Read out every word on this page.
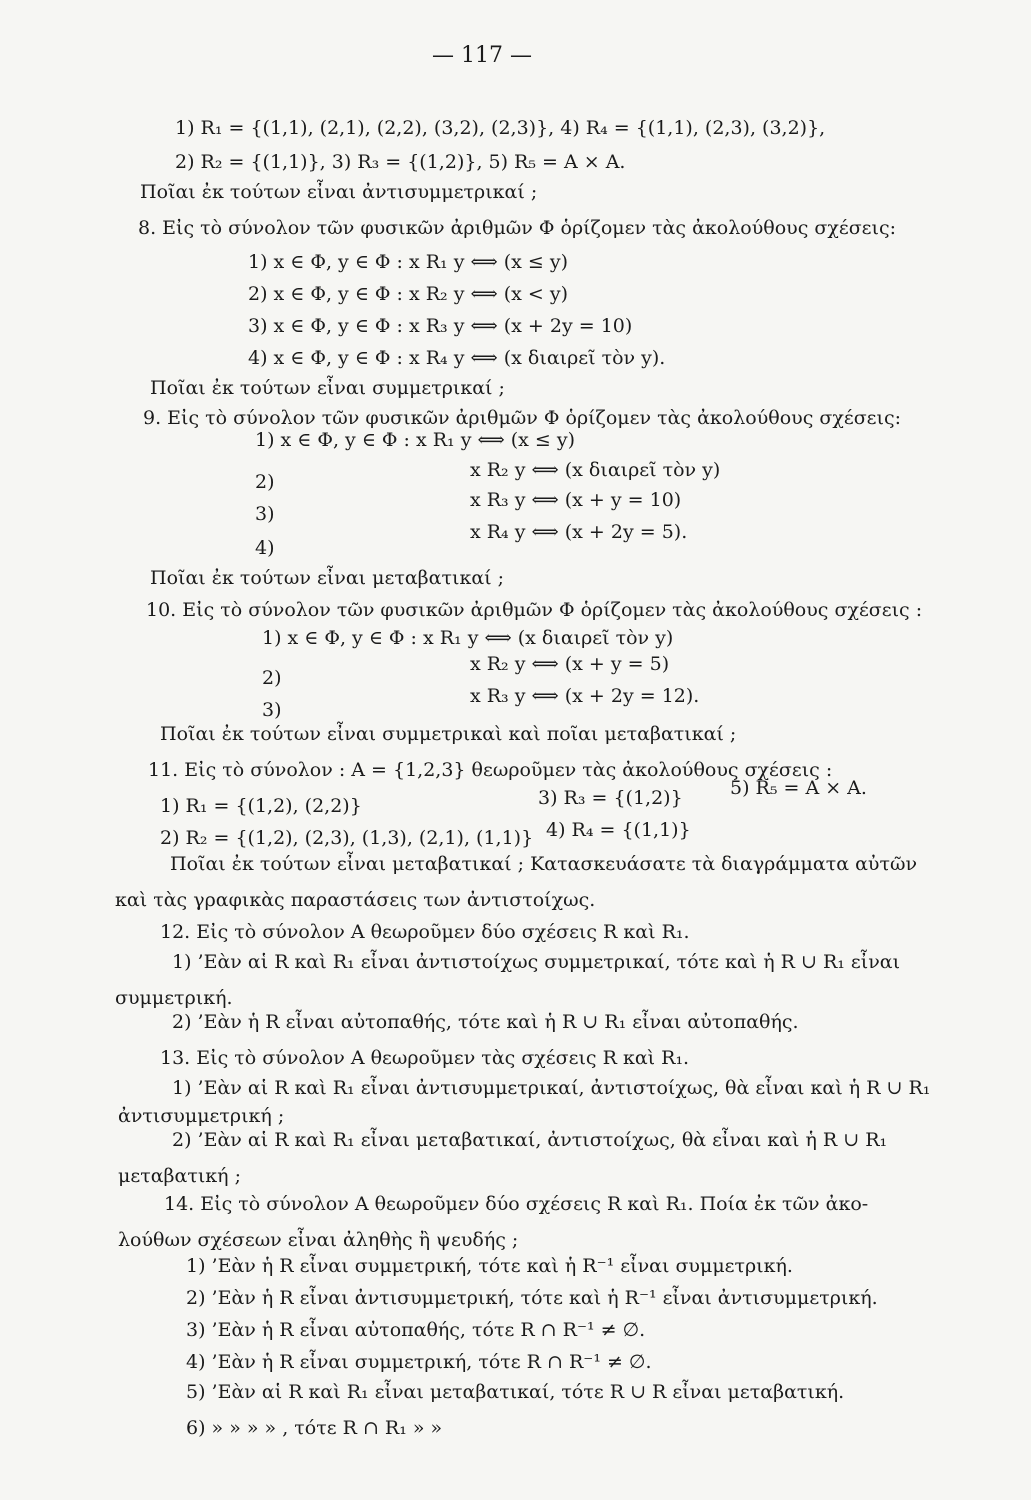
— 117 —
1) R₁ = {(1,1), (2,1), (2,2), (3,2), (2,3)}, 4) R₄ = {(1,1), (2,3), (3,2)},
2) R₂ = {(1,1)}, 3) R₃ = {(1,2)}, 5) R₅ = A × A.
Ποῖαι ἐκ τούτων εἶναι ἀντισυμμετρικαί ;
8. Εἰς τὸ σύνολον τῶν φυσικῶν ἀριθμῶν Φ ὁρίζομεν τὰς ἀκολούθους σχέσεις:
1) x ∈ Φ, y ∈ Φ : x R₁ y ⟺ (x ≤ y)
2) x ∈ Φ, y ∈ Φ : x R₂ y ⟺ (x < y)
3) x ∈ Φ, y ∈ Φ : x R₃ y ⟺ (x + 2y = 10)
4) x ∈ Φ, y ∈ Φ : x R₄ y ⟺ (x διαιρεῖ τὸν y).
Ποῖαι ἐκ τούτων εἶναι συμμετρικαί ;
9. Εἰς τὸ σύνολον τῶν φυσικῶν ἀριθμῶν Φ ὁρίζομεν τὰς ἀκολούθους σχέσεις:
1) x ∈ Φ, y ∈ Φ : x R₁ y ⟺ (x ≤ y)
2)
x R₂ y ⟺ (x διαιρεῖ τὸν y)
3)
x R₃ y ⟺ (x + y = 10)
4)
x R₄ y ⟺ (x + 2y = 5).
Ποῖαι ἐκ τούτων εἶναι μεταβατικαί ;
10. Εἰς τὸ σύνολον τῶν φυσικῶν ἀριθμῶν Φ ὁρίζομεν τὰς ἀκολούθους σχέσεις :
1) x ∈ Φ, y ∈ Φ : x R₁ y ⟺ (x διαιρεῖ τὸν y)
2)
x R₂ y ⟺ (x + y = 5)
3)
x R₃ y ⟺ (x + 2y = 12).
Ποῖαι ἐκ τούτων εἶναι συμμετρικαὶ καὶ ποῖαι μεταβατικαί ;
11. Εἰς τὸ σύνολον : A = {1,2,3} θεωροῦμεν τὰς ἀκολούθους σχέσεις :
1) R₁ = {(1,2), (2,2)}	3) R₃ = {(1,2)} 5) R₅ = A × A.
2) R₂ = {(1,2), (2,3), (1,3), (2,1), (1,1)} 4) R₄ = {(1,1)}
Ποῖαι ἐκ τούτων εἶναι μεταβατικαί ; Κατασκευάσατε τὰ διαγράμματα αὐτῶν
καὶ τὰς γραφικὰς παραστάσεις των ἀντιστοίχως.
12. Εἰς τὸ σύνολον A θεωροῦμεν δύο σχέσεις R καὶ R₁.
1) ’Εὰν αἱ R καὶ R₁ εἶναι ἀντιστοίχως συμμετρικαί, τότε καὶ ἡ R ∪ R₁ εἶναι
συμμετρική.
2) ’Εὰν ἡ R εἶναι αὐτοπαθής, τότε καὶ ἡ R ∪ R₁ εἶναι αὐτοπαθής.
13. Εἰς τὸ σύνολον A θεωροῦμεν τὰς σχέσεις R καὶ R₁.
1) ’Εὰν αἱ R καὶ R₁ εἶναι ἀντισυμμετρικαί, ἀντιστοίχως, θὰ εἶναι καὶ ἡ R ∪ R₁
ἀντισυμμετρική ;
2) ’Εὰν αἱ R καὶ R₁ εἶναι μεταβατικαί, ἀντιστοίχως, θὰ εἶναι καὶ ἡ R ∪ R₁
μεταβατική ;
14. Εἰς τὸ σύνολον A θεωροῦμεν δύο σχέσεις R καὶ R₁. Ποία ἐκ τῶν ἀκο-
λούθων σχέσεων εἶναι ἀληθὴς ἢ ψευδής ;
1) ’Εὰν ἡ R εἶναι συμμετρική, τότε καὶ ἡ R⁻¹ εἶναι συμμετρική.
2) ’Εὰν ἡ R εἶναι ἀντισυμμετρική, τότε καὶ ἡ R⁻¹ εἶναι ἀντισυμμετρική.
3) ’Εὰν ἡ R εἶναι αὐτοπαθής, τότε R ∩ R⁻¹ ≠ ∅.
4) ’Εὰν ἡ R εἶναι συμμετρική, τότε R ∩ R⁻¹ ≠ ∅.
5) ’Εὰν αἱ R καὶ R₁ εἶναι μεταβατικαί, τότε R ∪ R εἶναι μεταβατική.
6) » » » » , τότε R ∩ R₁ » »
